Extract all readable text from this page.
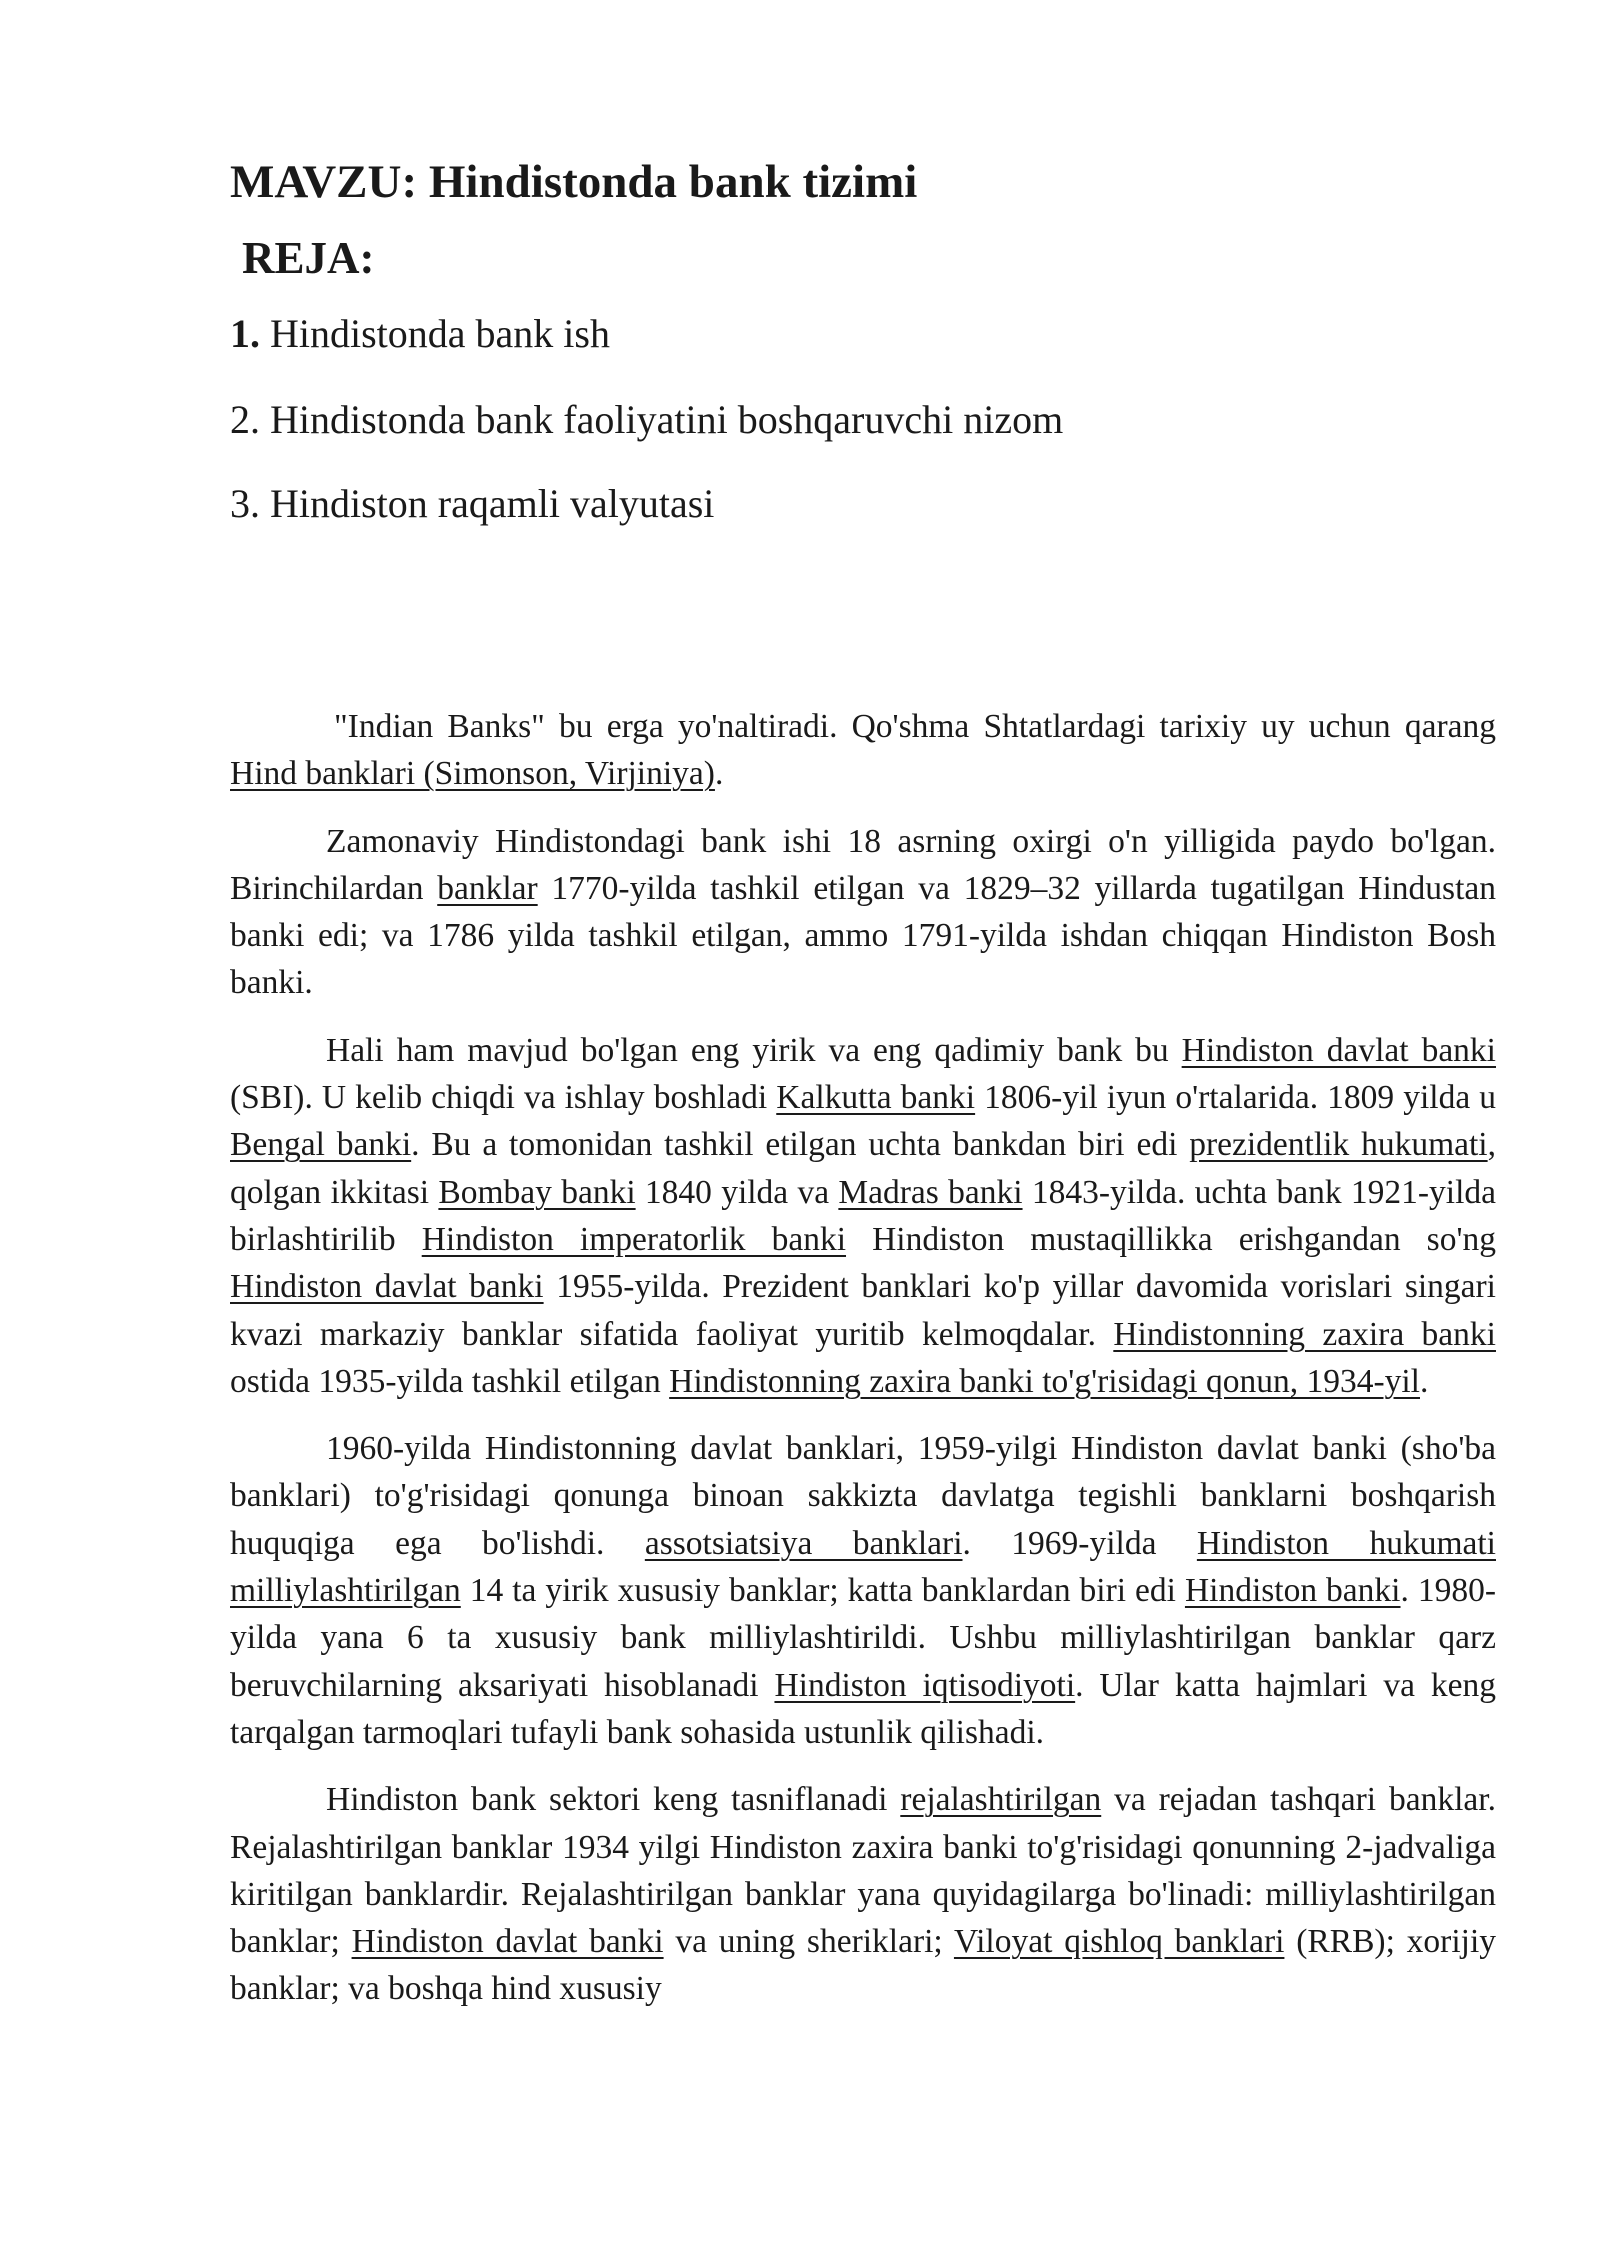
MAVZU: Hindistonda bank tizimi
REJA:

1. Hindistonda bank ish

2. Hindistonda bank faoliyatini boshqaruvchi nizom

3. Hindiston raqamli valyutasi

"Indian Banks" bu erga yo'naltiradi. Qo'shma Shtatlardagi tarixiy uy uchun qarang Hind banklari (Simonson, Virjiniya).

Zamonaviy Hindistondagi bank ishi 18 asrning oxirgi o'n yilligida paydo bo'lgan. Birinchilardan banklar 1770-yilda tashkil etilgan va 1829–32 yillarda tugatilgan Hindustan banki edi; va 1786 yilda tashkil etilgan, ammo 1791-yilda ishdan chiqqan Hindiston Bosh banki.

Hali ham mavjud bo'lgan eng yirik va eng qadimiy bank bu Hindiston davlat banki (SBI). U kelib chiqdi va ishlay boshladi Kalkutta banki 1806-yil iyun o'rtalarida. 1809 yilda u Bengal banki. Bu a tomonidan tashkil etilgan uchta bankdan biri edi prezidentlik hukumati, qolgan ikkitasi Bombay banki 1840 yilda va Madras banki 1843-yilda. uchta bank 1921-yilda birlashtirilib Hindiston imperatorlik banki Hindiston mustaqillikka erishgandan so'ng Hindiston davlat banki 1955-yilda. Prezident banklari ko'p yillar davomida vorislari singari kvazi markaziy banklar sifatida faoliyat yuritib kelmoqdalar. Hindistonning zaxira banki ostida 1935-yilda tashkil etilgan Hindistonning zaxira banki to'g'risidagi qonun, 1934-yil.

1960-yilda Hindistonning davlat banklari, 1959-yilgi Hindiston davlat banki (sho'ba banklari) to'g'risidagi qonunga binoan sakkizta davlatga tegishli banklarni boshqarish huquqiga ega bo'lishdi. assotsiatsiya banklari. 1969-yilda Hindiston hukumati milliylashtirilgan 14 ta yirik xususiy banklar; katta banklardan biri edi Hindiston banki. 1980-yilda yana 6 ta xususiy bank milliylashtirildi. Ushbu milliylashtirilgan banklar qarz beruvchilarning aksariyati hisoblanadi Hindiston iqtisodiyoti. Ular katta hajmlari va keng tarqalgan tarmoqlari tufayli bank sohasida ustunlik qilishadi.

Hindiston bank sektori keng tasniflanadi rejalashtirilgan va rejadan tashqari banklar. Rejalashtirilgan banklar 1934 yilgi Hindiston zaxira banki to'g'risidagi qonunning 2-jadvaliga kiritilgan banklardir. Rejalashtirilgan banklar yana quyidagilarga bo'linadi: milliylashtirilgan banklar; Hindiston davlat banki va uning sheriklari; Viloyat qishloq banklari (RRB); xorijiy banklar; va boshqa hind xususiy
